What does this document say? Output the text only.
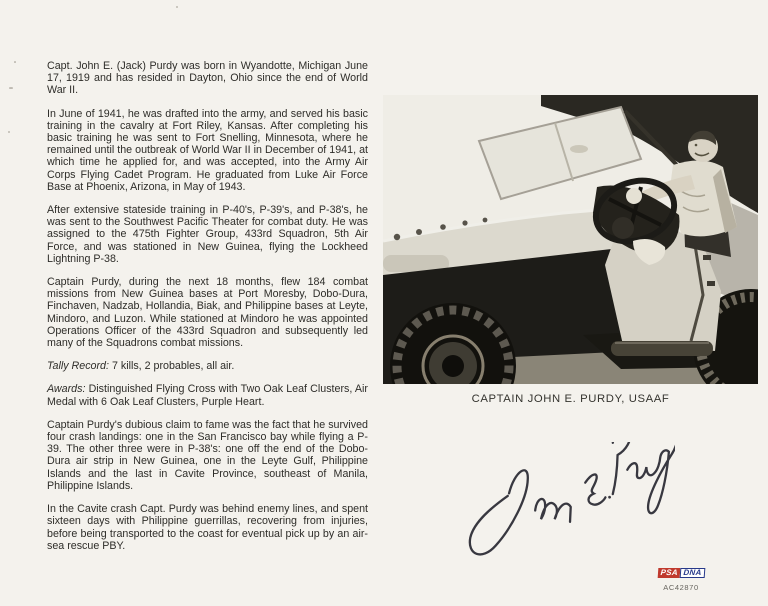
Capt. John E. (Jack) Purdy was born in Wyandotte, Michigan June 17, 1919 and has resided in Dayton, Ohio since the end of World War II.

In June of 1941, he was drafted into the army, and served his basic training in the cavalry at Fort Riley, Kansas. After completing his basic training he was sent to Fort Snelling, Minnesota, where he remained until the outbreak of World War II in December of 1941, at which time he applied for, and was accepted, into the Army Air Corps Flying Cadet Program. He graduated from Luke Air Force Base at Phoenix, Arizona, in May of 1943.

After extensive stateside training in P-40's, P-39's, and P-38's, he was sent to the Southwest Pacific Theater for combat duty. He was assigned to the 475th Fighter Group, 433rd Squadron, 5th Air Force, and was stationed in New Guinea, flying the Lockheed Lightning P-38.

Captain Purdy, during the next 18 months, flew 184 combat missions from New Guinea bases at Port Moresby, Dobo-Dura, Finchaven, Nadzab, Hollandia, Biak, and Philippine bases at Leyte, Mindoro, and Luzon. While stationed at Mindoro he was appointed Operations Officer of the 433rd Squadron and subsequently led many of the Squadrons combat missions.

Tally Record: 7 kills, 2 probables, all air.

Awards: Distinguished Flying Cross with Two Oak Leaf Clusters, Air Medal with 6 Oak Leaf Clusters, Purple Heart.

Captain Purdy's dubious claim to fame was the fact that he survived four crash landings: one in the San Francisco bay while flying a P-39. The other three were in P-38's: one off the end of the Dobo-Dura air strip in New Guinea, one in the Leyte Gulf, Philippine Islands and the last in Cavite Province, southeast of Manila, Philippine Islands.

In the Cavite crash Capt. Purdy was behind enemy lines, and spent sixteen days with Philippine guerrillas, recovering from injuries, before being transported to the coast for eventual pick up by an air-sea rescue PBY.

CAPTAIN JOHN E. PURDY, USAAF
PSA DNA
AC42870
